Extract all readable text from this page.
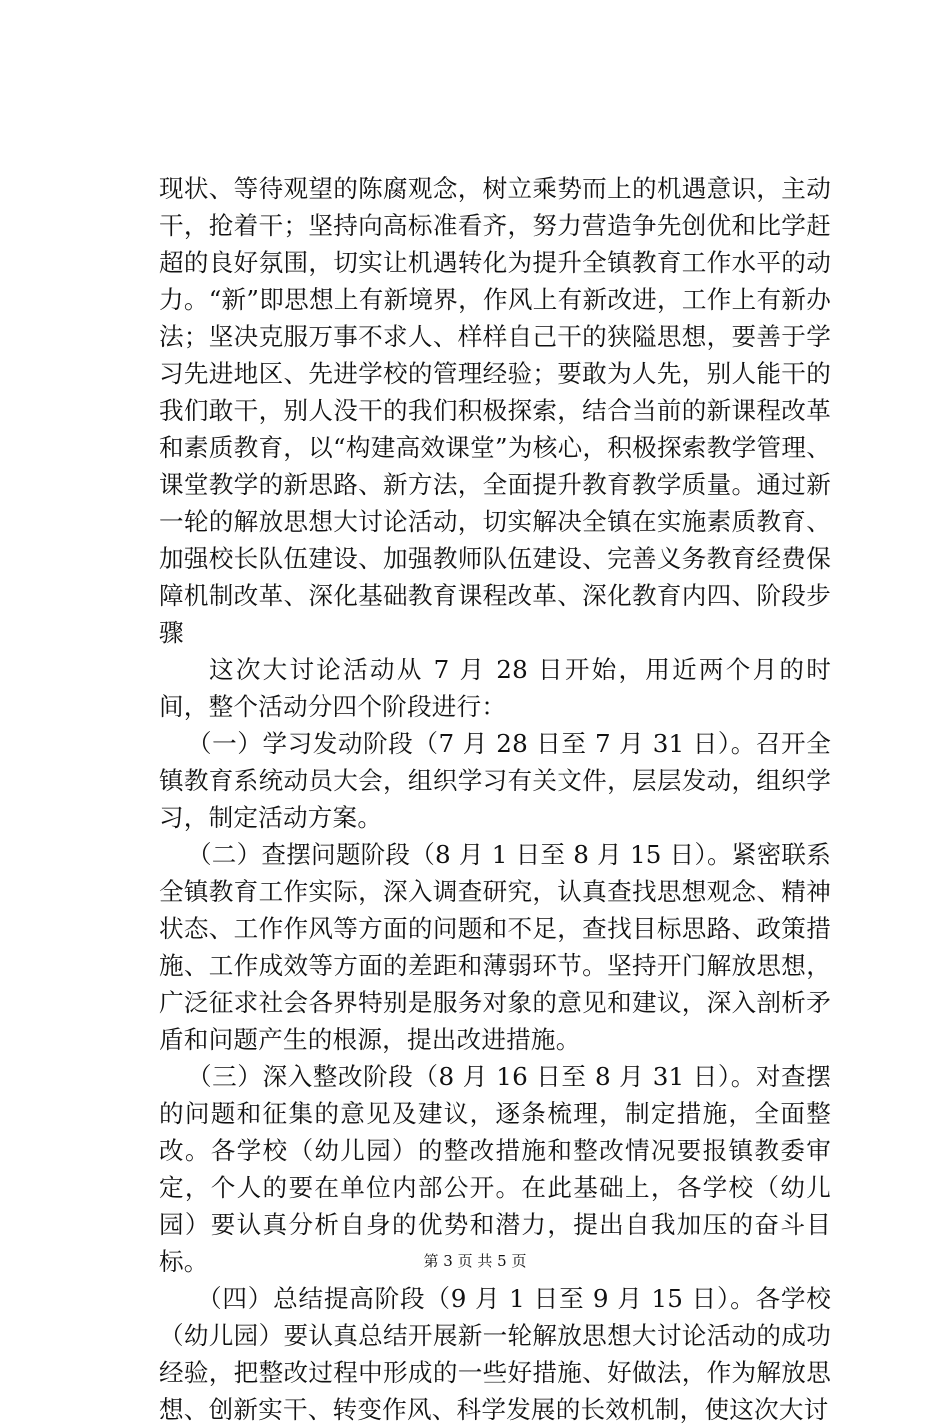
现状、等待观望的陈腐观念，树立乘势而上的机遇意识，主动干，抢着干；坚持向高标准看齐，努力营造争先创优和比学赶超的良好氛围，切实让机遇转化为提升全镇教育工作水平的动力。“新”即思想上有新境界，作风上有新改进，工作上有新办法；坚决克服万事不求人、样样自己干的狭隘思想，要善于学习先进地区、先进学校的管理经验；要敢为人先，别人能干的我们敢干，别人没干的我们积极探索，结合当前的新课程改革和素质教育，以“构建高效课堂”为核心，积极探索教学管理、课堂教学的新思路、新方法，全面提升教育教学质量。通过新一轮的解放思想大讨论活动，切实解决全镇在实施素质教育、加强校长队伍建设、加强教师队伍建设、完善义务教育经费保障机制改革、深化基础教育课程改革、深化教育内四、阶段步骤

这次大讨论活动从 7 月 28 日开始，用近两个月的时间，整个活动分四个阶段进行：

（一）学习发动阶段（7 月 28 日至 7 月 31 日）。召开全镇教育系统动员大会，组织学习有关文件，层层发动，组织学习，制定活动方案。

（二）查摆问题阶段（8 月 1 日至 8 月 15 日）。紧密联系全镇教育工作实际，深入调查研究，认真查找思想观念、精神状态、工作作风等方面的问题和不足，查找目标思路、政策措施、工作成效等方面的差距和薄弱环节。坚持开门解放思想，广泛征求社会各界特别是服务对象的意见和建议，深入剖析矛盾和问题产生的根源，提出改进措施。

（三）深入整改阶段（8 月 16 日至 8 月 31 日）。对查摆的问题和征集的意见及建议，逐条梳理，制定措施，全面整改。各学校（幼儿园）的整改措施和整改情况要报镇教委审定，个人的要在单位内部公开。在此基础上，各学校（幼儿园）要认真分析自身的优势和潜力，提出自我加压的奋斗目标。

（四）总结提高阶段（9 月 1 日至 9 月 15 日）。各学校（幼儿园）要认真总结开展新一轮解放思想大讨论活动的成功经验，把整改过程中形成的一些好措施、好做法，作为解放思想、创新实干、转变作风、科学发展的长效机制，使这次大讨

第 3 页 共 5 页
